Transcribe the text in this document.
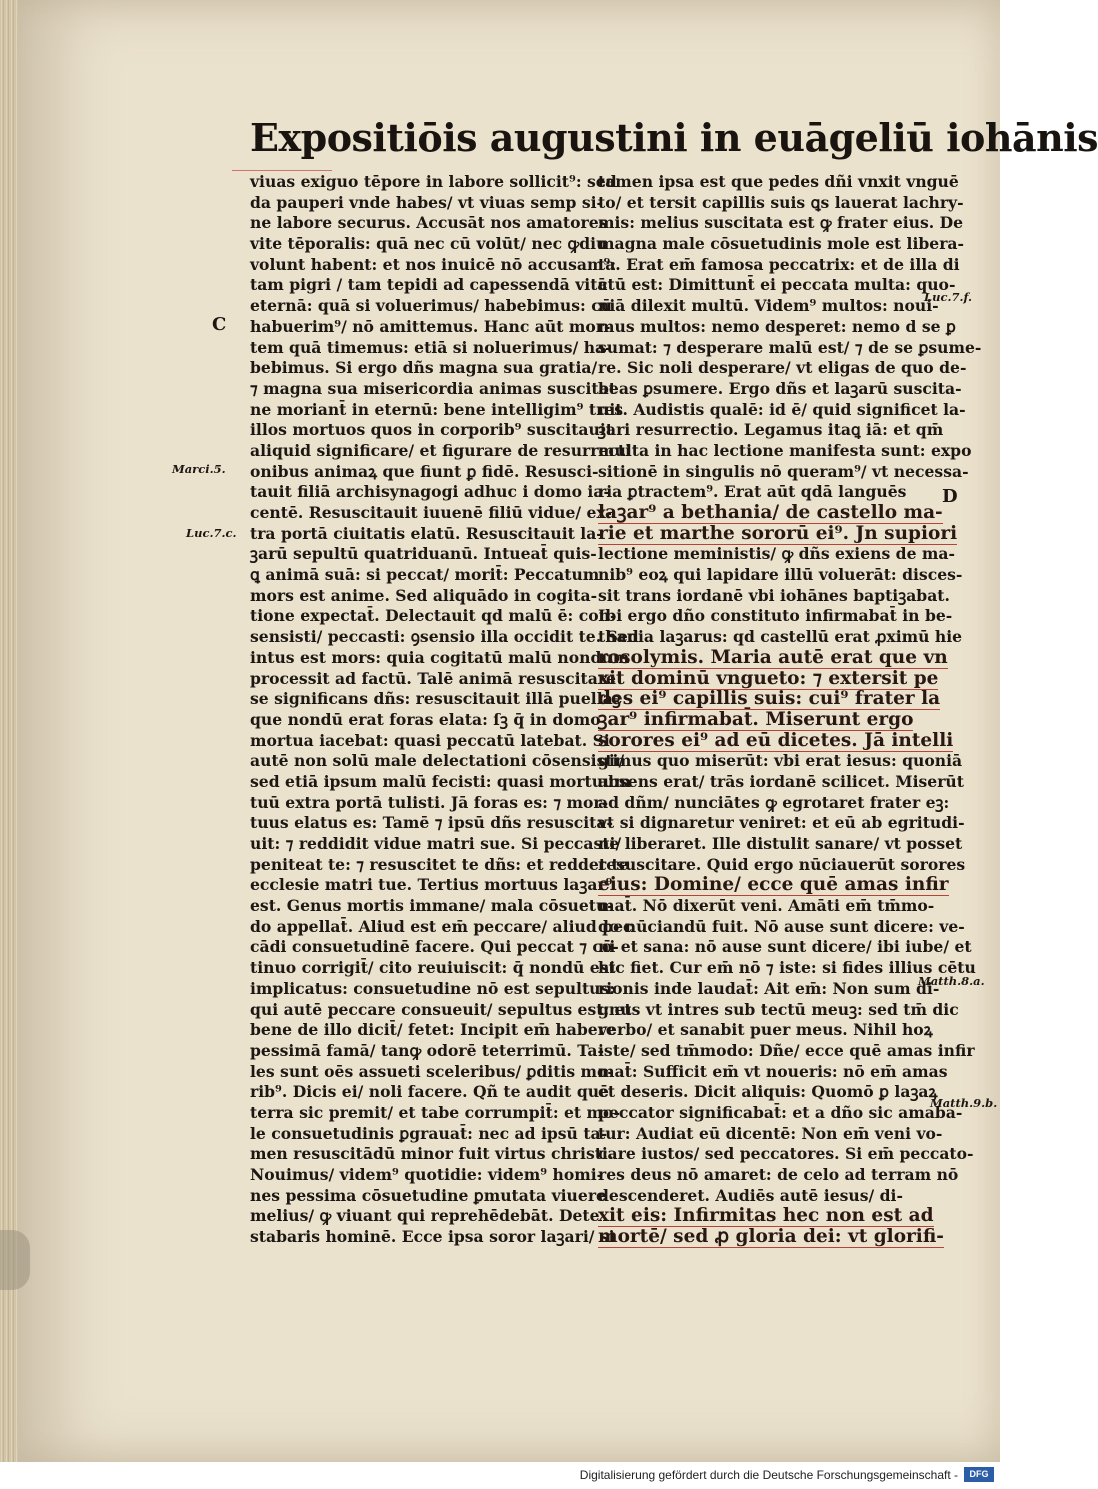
Expositiōis augustini in euāgeliū iohānis
viuas exiguo tēpore in labore sollicit⁹: sed
da pauperi vnde habes/ vt viuas semp si-
ne labore securus. Accusāt nos amatores
vite tēporalis: quā nec cū volūt/ nec ꝙdiu
volunt habent: et nos inuicē nō accusam⁹:
tam pigri / tam tepidi ad capessendā vitā
eternā: quā si voluerimus/ habebimus: cū
habuerim⁹/ nō amittemus. Hanc aūt mor-
tem quā timemus: etiā si noluerimus/ ha-
bebimus. Si ergo dñs magna sua gratia/
⁊ magna sua misericordia animas suscitat
ne moriant̄ in eternū: bene intelligim⁹ tres
illos mortuos quos in corporib⁹ suscitauit
aliquid significare/ et figurare de resurrecti
onibus animaꝝ que fiunt ꝑ fidē. Resusci-
tauit filiā archisynagogi adhuc i domo ia-
centē. Resuscitauit iuuenē filiū vidue/ ex-
tra portā ciuitatis elatū. Resuscitauit la-
ꝫarū sepultū quatriduanū. Intueat̄ quis-
ꝗ animā suā: si peccat/ morit̄: Peccatum
mors est anime. Sed aliquādo in cogita-
tione expectat̄. Delectauit qd malū ē: con-
sensisti/ peccasti: ꝯsensio illa occidit te. Sed
intus est mors: quia cogitatū malū nondum
processit ad factū. Talē animā resuscitare
se significans dñs: resuscitauit illā puellaꝫ
que nondū erat foras elata: ſꝫ q̄ in domo
mortua iacebat: quasi peccatū latebat. Si
autē non solū male delectationi cōsensisti/
sed etiā ipsum malū fecisti: quasi mortuum
tuū extra portā tulisti. Jā foras es: ⁊ mor-
tuus elatus es: Tamē ⁊ ipsū dñs resuscita-
uit: ⁊ reddidit vidue matri sue. Si peccasti/
peniteat te: ⁊ resuscitet te dñs: et reddet te
ecclesie matri tue. Tertius mortuus laꝫar⁹
est. Genus mortis immane/ mala cōsuetu-
do appellat̄. Aliud est em̄ peccare/ aliud pec
cādi consuetudinē facere. Qui peccat ⁊ cō-
tinuo corrigit̄/ cito reuiuiscit: q̄ nondū est
implicatus: consuetudine nō est sepultus:
qui autē peccare consueuit/ sepultus est: et
bene de illo dicit̄/ fetet: Incipit em̄ habere
pessimā famā/ tanꝙ odorē teterrimū. Ta-
les sunt oēs assueti sceleribus/ ꝑditis mo-
rib⁹. Dicis ei/ noli facere. Qñ te audit quē
terra sic premit/ et tabe corrumpit̄: et mo-
le consuetudinis ꝑgrauat̄: nec ad ipsū ta-
men resuscitādū minor fuit virtus christi.
Nouimus/ videm⁹ quotidie: videm⁹ homi-
nes pessima cōsuetudine ꝑmutata viuere
melius/ ꝙ viuant qui reprehēdebāt. Dete
stabaris hominē. Ecce ipsa soror laꝫari/ si
tamen ipsa est que pedes dñi vnxit vnguē
to/ et tersit capillis suis ꝗs lauerat lachry-
mis: melius suscitata est ꝙ frater eius. De
magna male cōsuetudinis mole est libera-
ta. Erat em̄ famosa peccatrix: et de illa di
ctū est: Dimittunt̄ ei peccata multa: quo-
niā dilexit multū. Videm⁹ multos: noui-
mus multos: nemo desperet: nemo d se ꝑ
sumat: ⁊ desperare malū est/ ⁊ de se ꝑsume-
re. Sic noli desperare/ vt eligas de quo de-
beas ꝑsumere. Ergo dñs et laꝫarū suscita-
uit. Audistis qualē: id ē/ quid significet la-
ꝫari resurrectio. Legamus itaꝗ iā: et qm̄
multa in hac lectione manifesta sunt: expo
sitionē in singulis nō queram⁹/ vt necessa-
ria ꝑtractem⁹. Erat aūt qdā languēs
laꝫar⁹ a bethania/ de castello ma-
rie et marthe sororū ei⁹. Jn supiori
lectione meministis/ ꝙ dñs exiens de ma-
nib⁹ eoꝝ qui lapidare illū voluerāt: disces-
sit trans iordanē vbi iohānes baptiꝫabat.
Ibi ergo dño constituto infirmabat̄ in be-
thania laꝫarus: qd castellū erat ꝓximū hie
rosolymis. Maria autē erat que vn
xit dominū vngueto: ⁊ extersit pe
des ei⁹ capillis suis: cui⁹ frater la
ꝫar⁹ infirmabat̄. Miserunt ergo
sorores ei⁹ ad eū dicetes. Jā intelli
gimus quo miserūt: vbi erat iesus: quoniā
absens erat/ trās iordanē scilicet. Miserūt
ad dñm/ nunciātes ꝙ egrotaret frater eꝫ:
vt si dignaretur veniret: et eū ab egritudi-
ne liberaret. Ille distulit sanare/ vt posset
resuscitare. Quid ergo nūciauerūt sorores
eius: Domine/ ecce quē amas infir
mat̄. Nō dixerūt veni. Amāti em̄ tm̄mo-
do nūciandū fuit. Nō ause sunt dicere: ve-
ni et sana: nō ause sunt dicere/ ibi iube/ et
hic fiet. Cur em̄ nō ⁊ iste: si fides illius cētu
rionis inde laudat̄: Ait em̄: Non sum di-
gnus vt intres sub tectū meuꝫ: sed tm̄ dic
verbo/ et sanabit puer meus. Nihil hoꝝ
iste/ sed tm̄modo: Dñe/ ecce quē amas infir
mat̄: Sufficit em̄ vt noueris: nō em̄ amas
et deseris. Dicit aliquis: Quomō ꝑ laꝫaꝝ
peccator significabat̄: et a dño sic amaba-
tur: Audiat eū dicentē: Non em̄ veni vo-
care iustos/ sed peccatores. Si em̄ peccato-
res deus nō amaret: de celo ad terram nō
descenderet. Audiēs autē iesus/ di-
xit eis: Infirmitas hec non est ad
mortē/ sed ꝓ gloria dei: vt glorifi-
C
D
Marci.5.
Luc.7.c.
Luc.7.f.
Matth.8.a.
Matth.9.b.
Digitalisierung gefördert durch die Deutsche Forschungsgemeinschaft -	DFG
